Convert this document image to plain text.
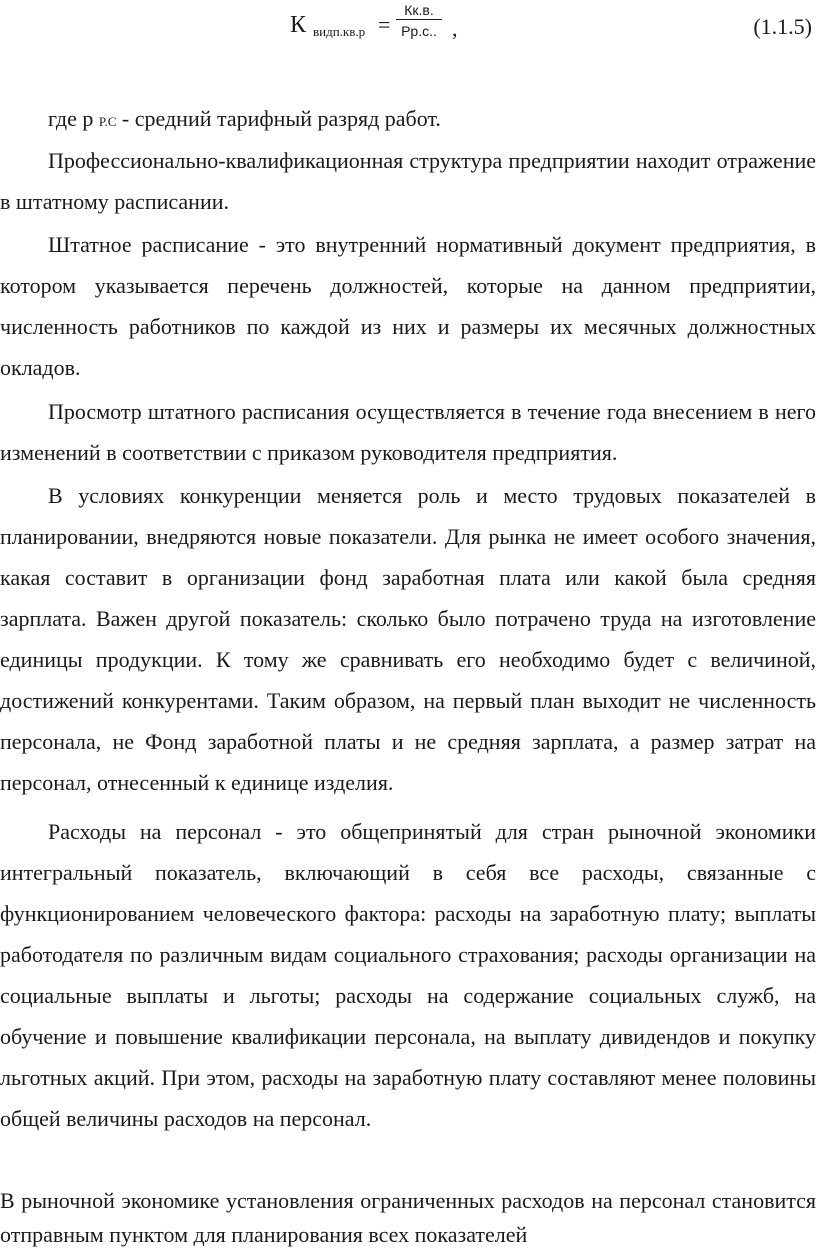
К видп.кв.р =
Кк.в.
Рр.с.. ,	(1.1.5)

где р Р.С - средний тарифный разряд работ.

Профессионально-квалификационная структура предприятии находит отражение в штатному расписании.

Штатное расписание - это внутренний нормативный документ предприятия, в котором указывается перечень должностей, которые на данном предприятии, численность работников по каждой из них и размеры их месячных должностных окладов.

Просмотр штатного расписания осуществляется в течение года внесением в него изменений в соответствии с приказом руководителя предприятия.

В условиях конкуренции меняется роль и место трудовых показателей в планировании, внедряются новые показатели. Для рынка не имеет особого значения, какая составит в организации фонд заработная плата или какой была средняя зарплата. Важен другой показатель: сколько было потрачено труда на изготовление единицы продукции. К тому же сравнивать его необходимо будет с величиной, достижений конкурентами. Таким образом, на первый план выходит не численность персонала, не Фонд заработной платы и не средняя зарплата, а размер затрат на персонал, отнесенный к единице изделия.

Расходы на персонал - это общепринятый для стран рыночной экономики интегральный показатель, включающий в себя все расходы, связанные с функционированием человеческого фактора: расходы на заработную плату; выплаты работодателя по различным видам социального страхования; расходы организации на социальные выплаты и льготы; расходы на содержание социальных служб, на обучение и повышение квалификации персонала, на выплату дивидендов и покупку льготных акций. При этом, расходы на заработную плату составляют менее половины общей величины расходов на персонал.

В рыночной экономике установления ограниченных расходов на персонал становится отправным пунктом для планирования всех показателей
